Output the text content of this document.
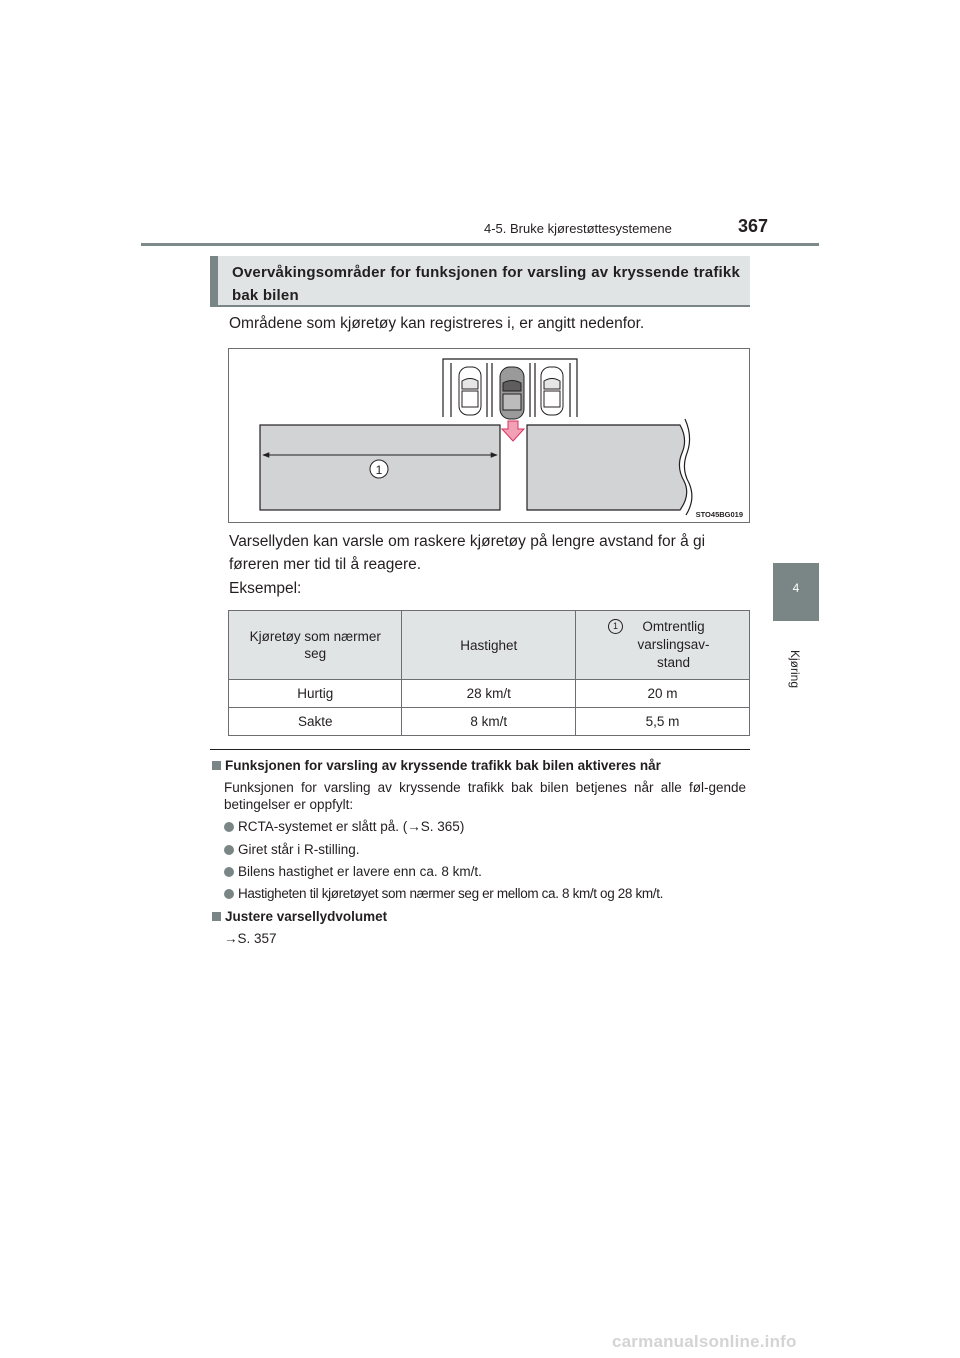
4-5. Bruke kjørestøttesystemene	367
4
Kjøring
Overvåkingsområder for funksjonen for varsling av kryssende trafikk bak bilen
Områdene som kjøretøy kan registreres i, er angitt nedenfor.
1
STO45BG019
Varsellyden kan varsle om raskere kjøretøy på lengre avstand for å gi føreren mer tid til å reagere.
Eksempel:
Kjøretøy som nærmer seg	Hastighet	1 Omtrentlig varslingsav-stand
Hurtig	28 km/t	20 m
Sakte	8 km/t	5,5 m
Funksjonen for varsling av kryssende trafikk bak bilen aktiveres når
Funksjonen for varsling av kryssende trafikk bak bilen betjenes når alle føl-gende betingelser er oppfylt:
RCTA-systemet er slått på. (→S. 365)
Giret står i R-stilling.
Bilens hastighet er lavere enn ca. 8 km/t.
Hastigheten til kjøretøyet som nærmer seg er mellom ca. 8 km/t og 28 km/t.
Justere varsellydvolumet
→S. 357
carmanualsonline.info
